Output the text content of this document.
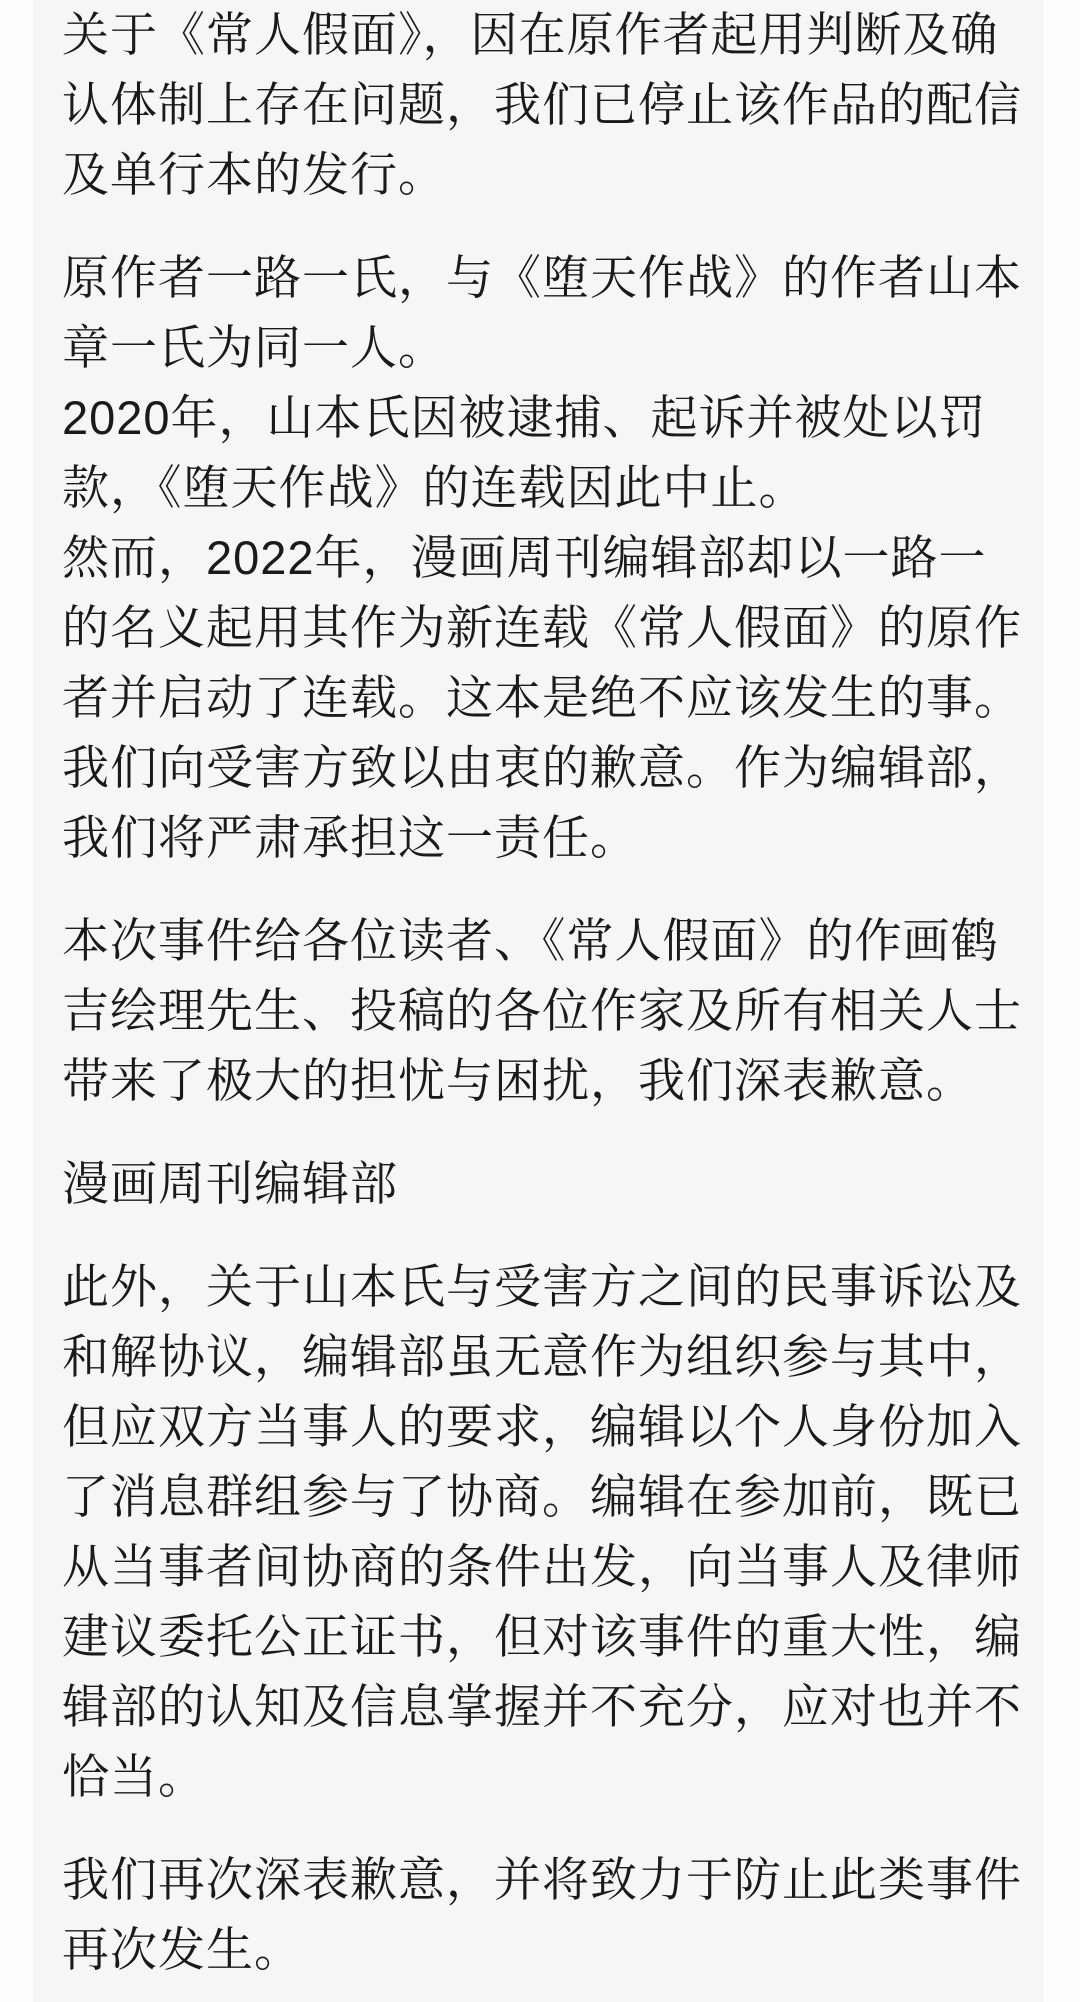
关于《常人假面》，因在原作者起用判断及确
认体制上存在问题，我们已停止该作品的配信
及单行本的发行。

原作者一路一氏，与《堕天作战》的作者山本
章一氏为同一人。
2020年，山本氏因被逮捕、起诉并被处以罚
款，《堕天作战》的连载因此中止。
然而，2022年，漫画周刊编辑部却以一路一
的名义起用其作为新连载《常人假面》的原作
者并启动了连载。这本是绝不应该发生的事。
我们向受害方致以由衷的歉意。作为编辑部，
我们将严肃承担这一责任。

本次事件给各位读者、《常人假面》的作画鹤
吉绘理先生、投稿的各位作家及所有相关人士
带来了极大的担忧与困扰，我们深表歉意。

漫画周刊编辑部

此外，关于山本氏与受害方之间的民事诉讼及
和解协议，编辑部虽无意作为组织参与其中，
但应双方当事人的要求，编辑以个人身份加入
了消息群组参与了协商。编辑在参加前，既已
从当事者间协商的条件出发，向当事人及律师
建议委托公正证书，但对该事件的重大性，编
辑部的认知及信息掌握并不充分，应对也并不
恰当。

我们再次深表歉意，并将致力于防止此类事件
再次发生。
